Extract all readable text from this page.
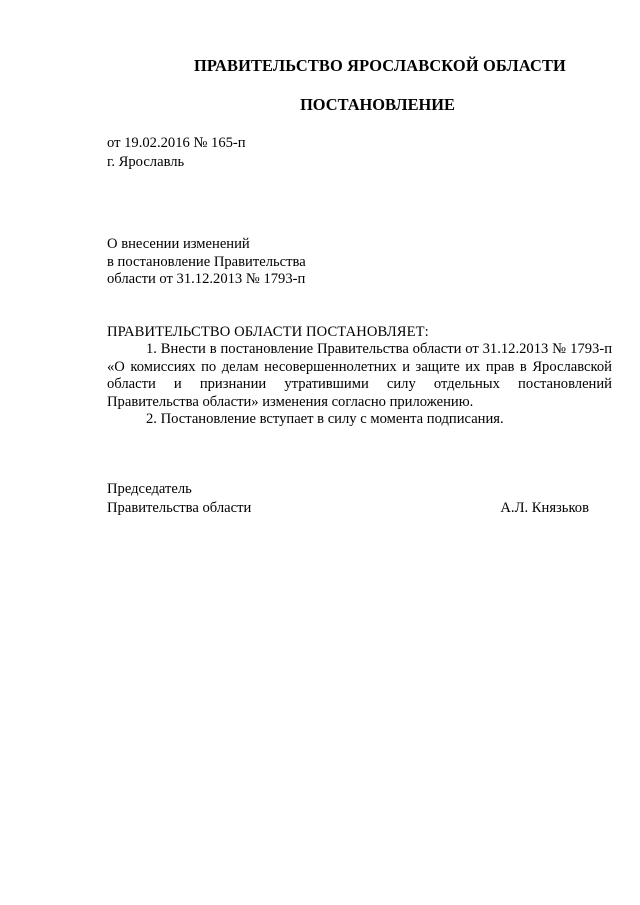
ПРАВИТЕЛЬСТВО ЯРОСЛАВСКОЙ ОБЛАСТИ
ПОСТАНОВЛЕНИЕ
от 19.02.2016 № 165-п
г. Ярославль
О внесении изменений
в постановление Правительства
области от 31.12.2013 № 1793-п
ПРАВИТЕЛЬСТВО ОБЛАСТИ ПОСТАНОВЛЯЕТ:

1. Внести в постановление Правительства области от 31.12.2013 № 1793-п «О комиссиях по делам несовершеннолетних и защите их прав в Ярославской области и признании утратившими силу отдельных постановлений Правительства области» изменения согласно приложению.

2. Постановление вступает в силу с момента подписания.

Председатель
Правительства области	А.Л. Князьков
